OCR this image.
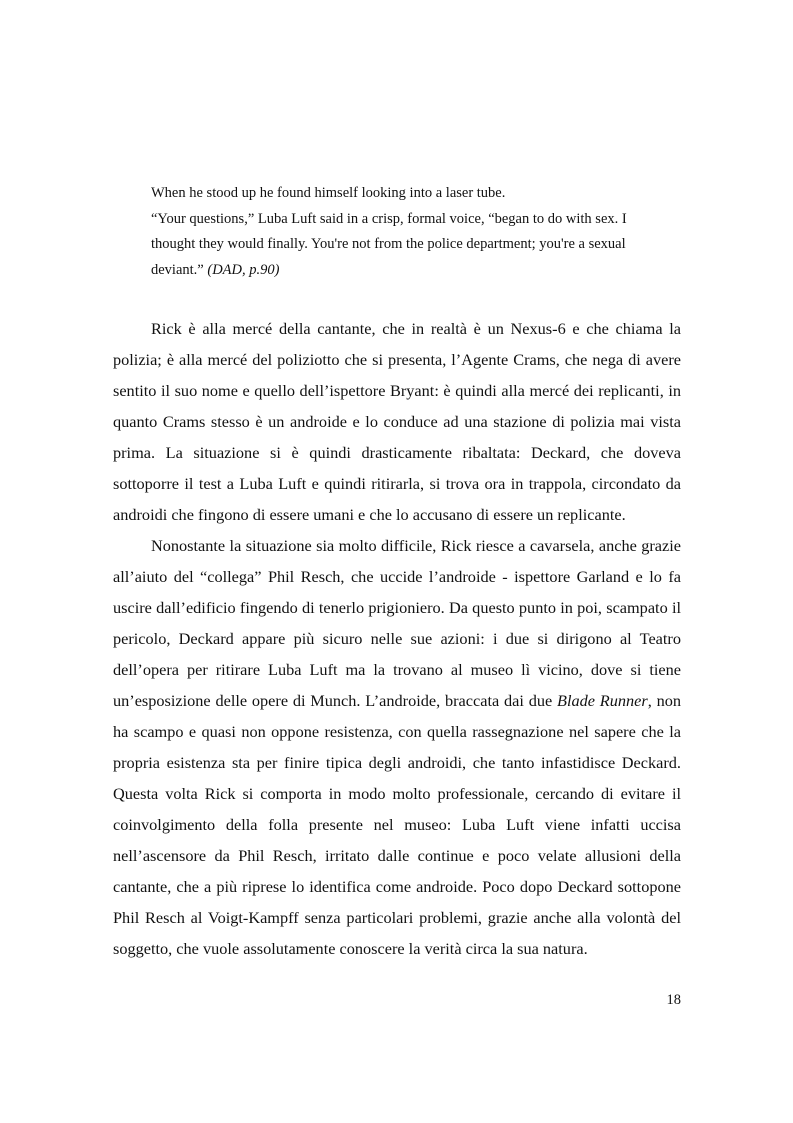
When he stood up he found himself looking into a laser tube.

“Your questions,” Luba Luft said in a crisp, formal voice, “began to do with sex. I thought they would finally. You're not from the police department; you're a sexual deviant.” (DAD, p.90)

Rick è alla mercé della cantante, che in realtà è un Nexus-6 e che chiama la polizia; è alla mercé del poliziotto che si presenta, l’Agente Crams, che nega di avere sentito il suo nome e quello dell’ispettore Bryant: è quindi alla mercé dei replicanti, in quanto Crams stesso è un androide e lo conduce ad una stazione di polizia mai vista prima. La situazione si è quindi drasticamente ribaltata: Deckard, che doveva sottoporre il test a Luba Luft e quindi ritirarla, si trova ora in trappola, circondato da androidi che fingono di essere umani e che lo accusano di essere un replicante.

Nonostante la situazione sia molto difficile, Rick riesce a cavarsela, anche grazie all’aiuto del “collega” Phil Resch, che uccide l’androide - ispettore Garland e lo fa uscire dall’edificio fingendo di tenerlo prigioniero. Da questo punto in poi, scampato il pericolo, Deckard appare più sicuro nelle sue azioni: i due si dirigono al Teatro dell’opera per ritirare Luba Luft ma la trovano al museo lì vicino, dove si tiene un’esposizione delle opere di Munch. L’androide, braccata dai due Blade Runner, non ha scampo e quasi non oppone resistenza, con quella rassegnazione nel sapere che la propria esistenza sta per finire tipica degli androidi, che tanto infastidisce Deckard. Questa volta Rick si comporta in modo molto professionale, cercando di evitare il coinvolgimento della folla presente nel museo: Luba Luft viene infatti uccisa nell’ascensore da Phil Resch, irritato dalle continue e poco velate allusioni della cantante, che a più riprese lo identifica come androide. Poco dopo Deckard sottopone Phil Resch al Voigt-Kampff senza particolari problemi, grazie anche alla volontà del soggetto, che vuole assolutamente conoscere la verità circa la sua natura.

18
